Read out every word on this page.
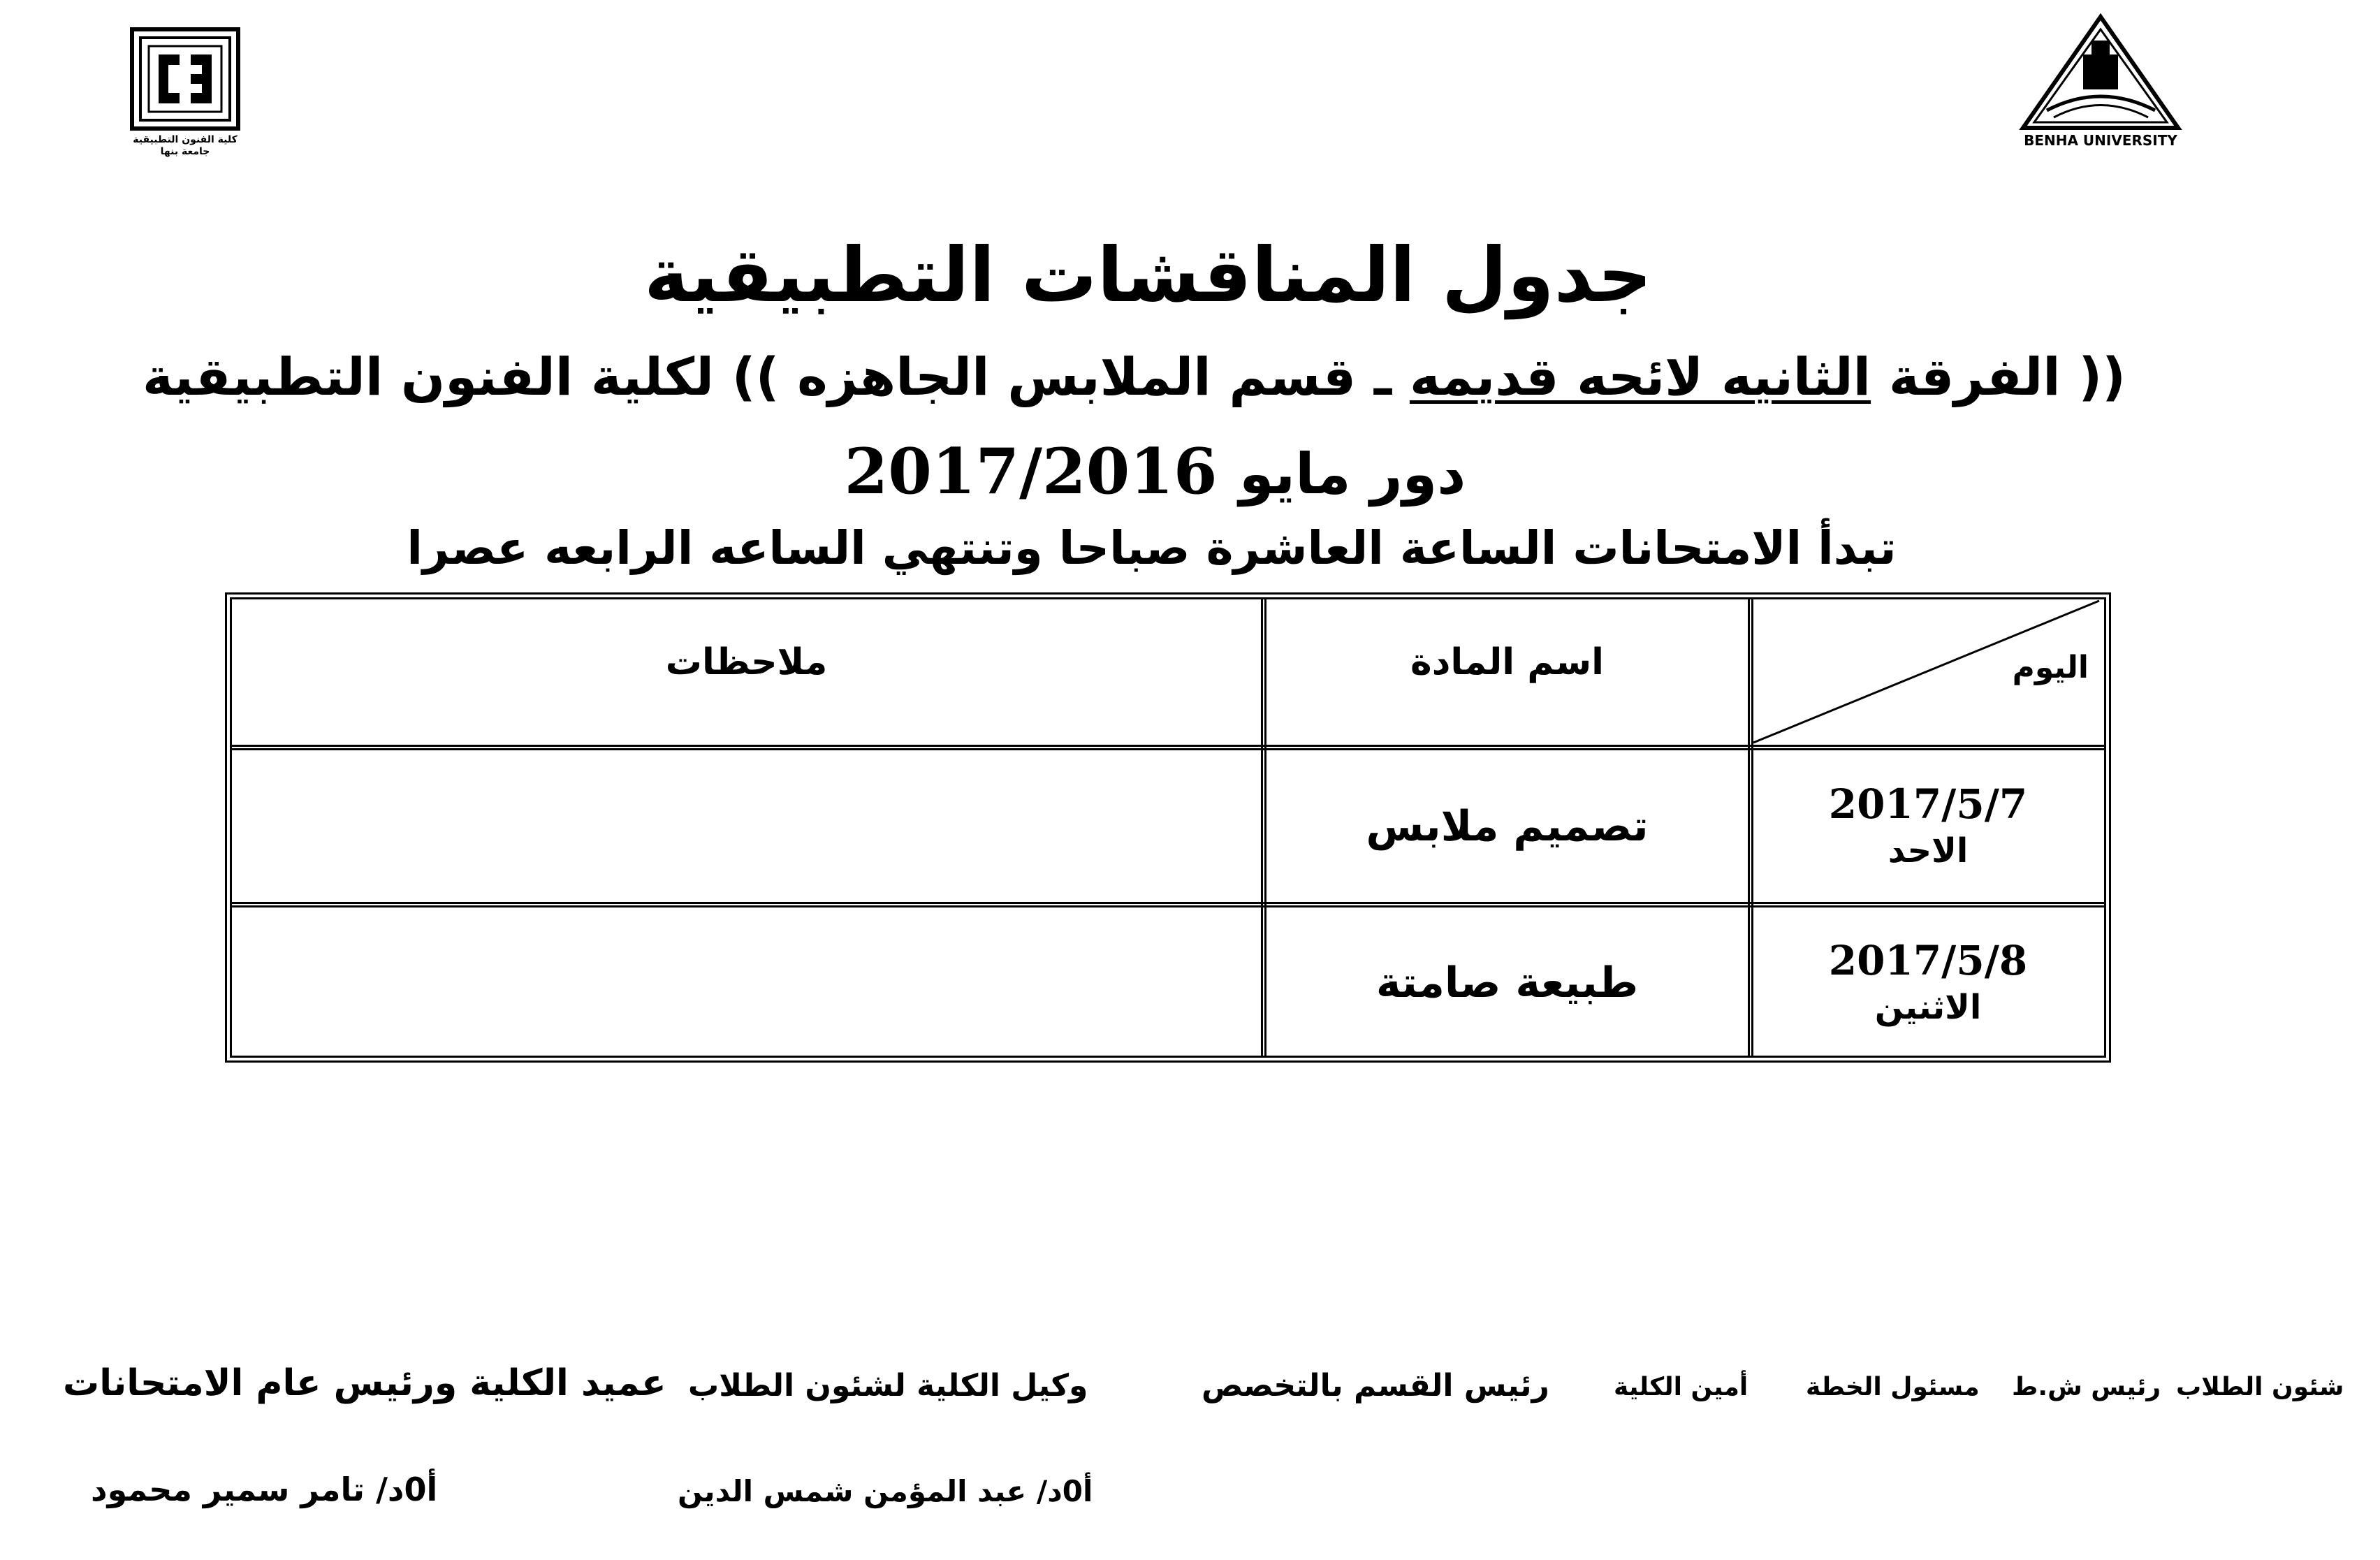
كلية الفنون التطبيقية
جامعة بنها
BENHA UNIVERSITY
جدول المناقشات التطبيقية
(( الفرقة الثانيه لائحه قديمه ـ قسم الملابس الجاهزه )) لكلية الفنون التطبيقية
دور مايو 2017/2016
تبدأ الامتحانات الساعة العاشرة صباحا وتنتهي الساعه الرابعه عصرا
اليوم
اسم المادة
ملاحظات
2017/5/7
الاحد
تصميم ملابس
2017/5/8
الاثنين
طبيعة صامتة
شئون الطلاب
رئيس ش.ط
مسئول الخطة
أمين الكلية
رئيس القسم بالتخصص
وكيل الكلية لشئون الطلاب
عميد الكلية ورئيس عام الامتحانات
أ0د/ عبد المؤمن شمس الدين
أ0د/ تامر سمير محمود
